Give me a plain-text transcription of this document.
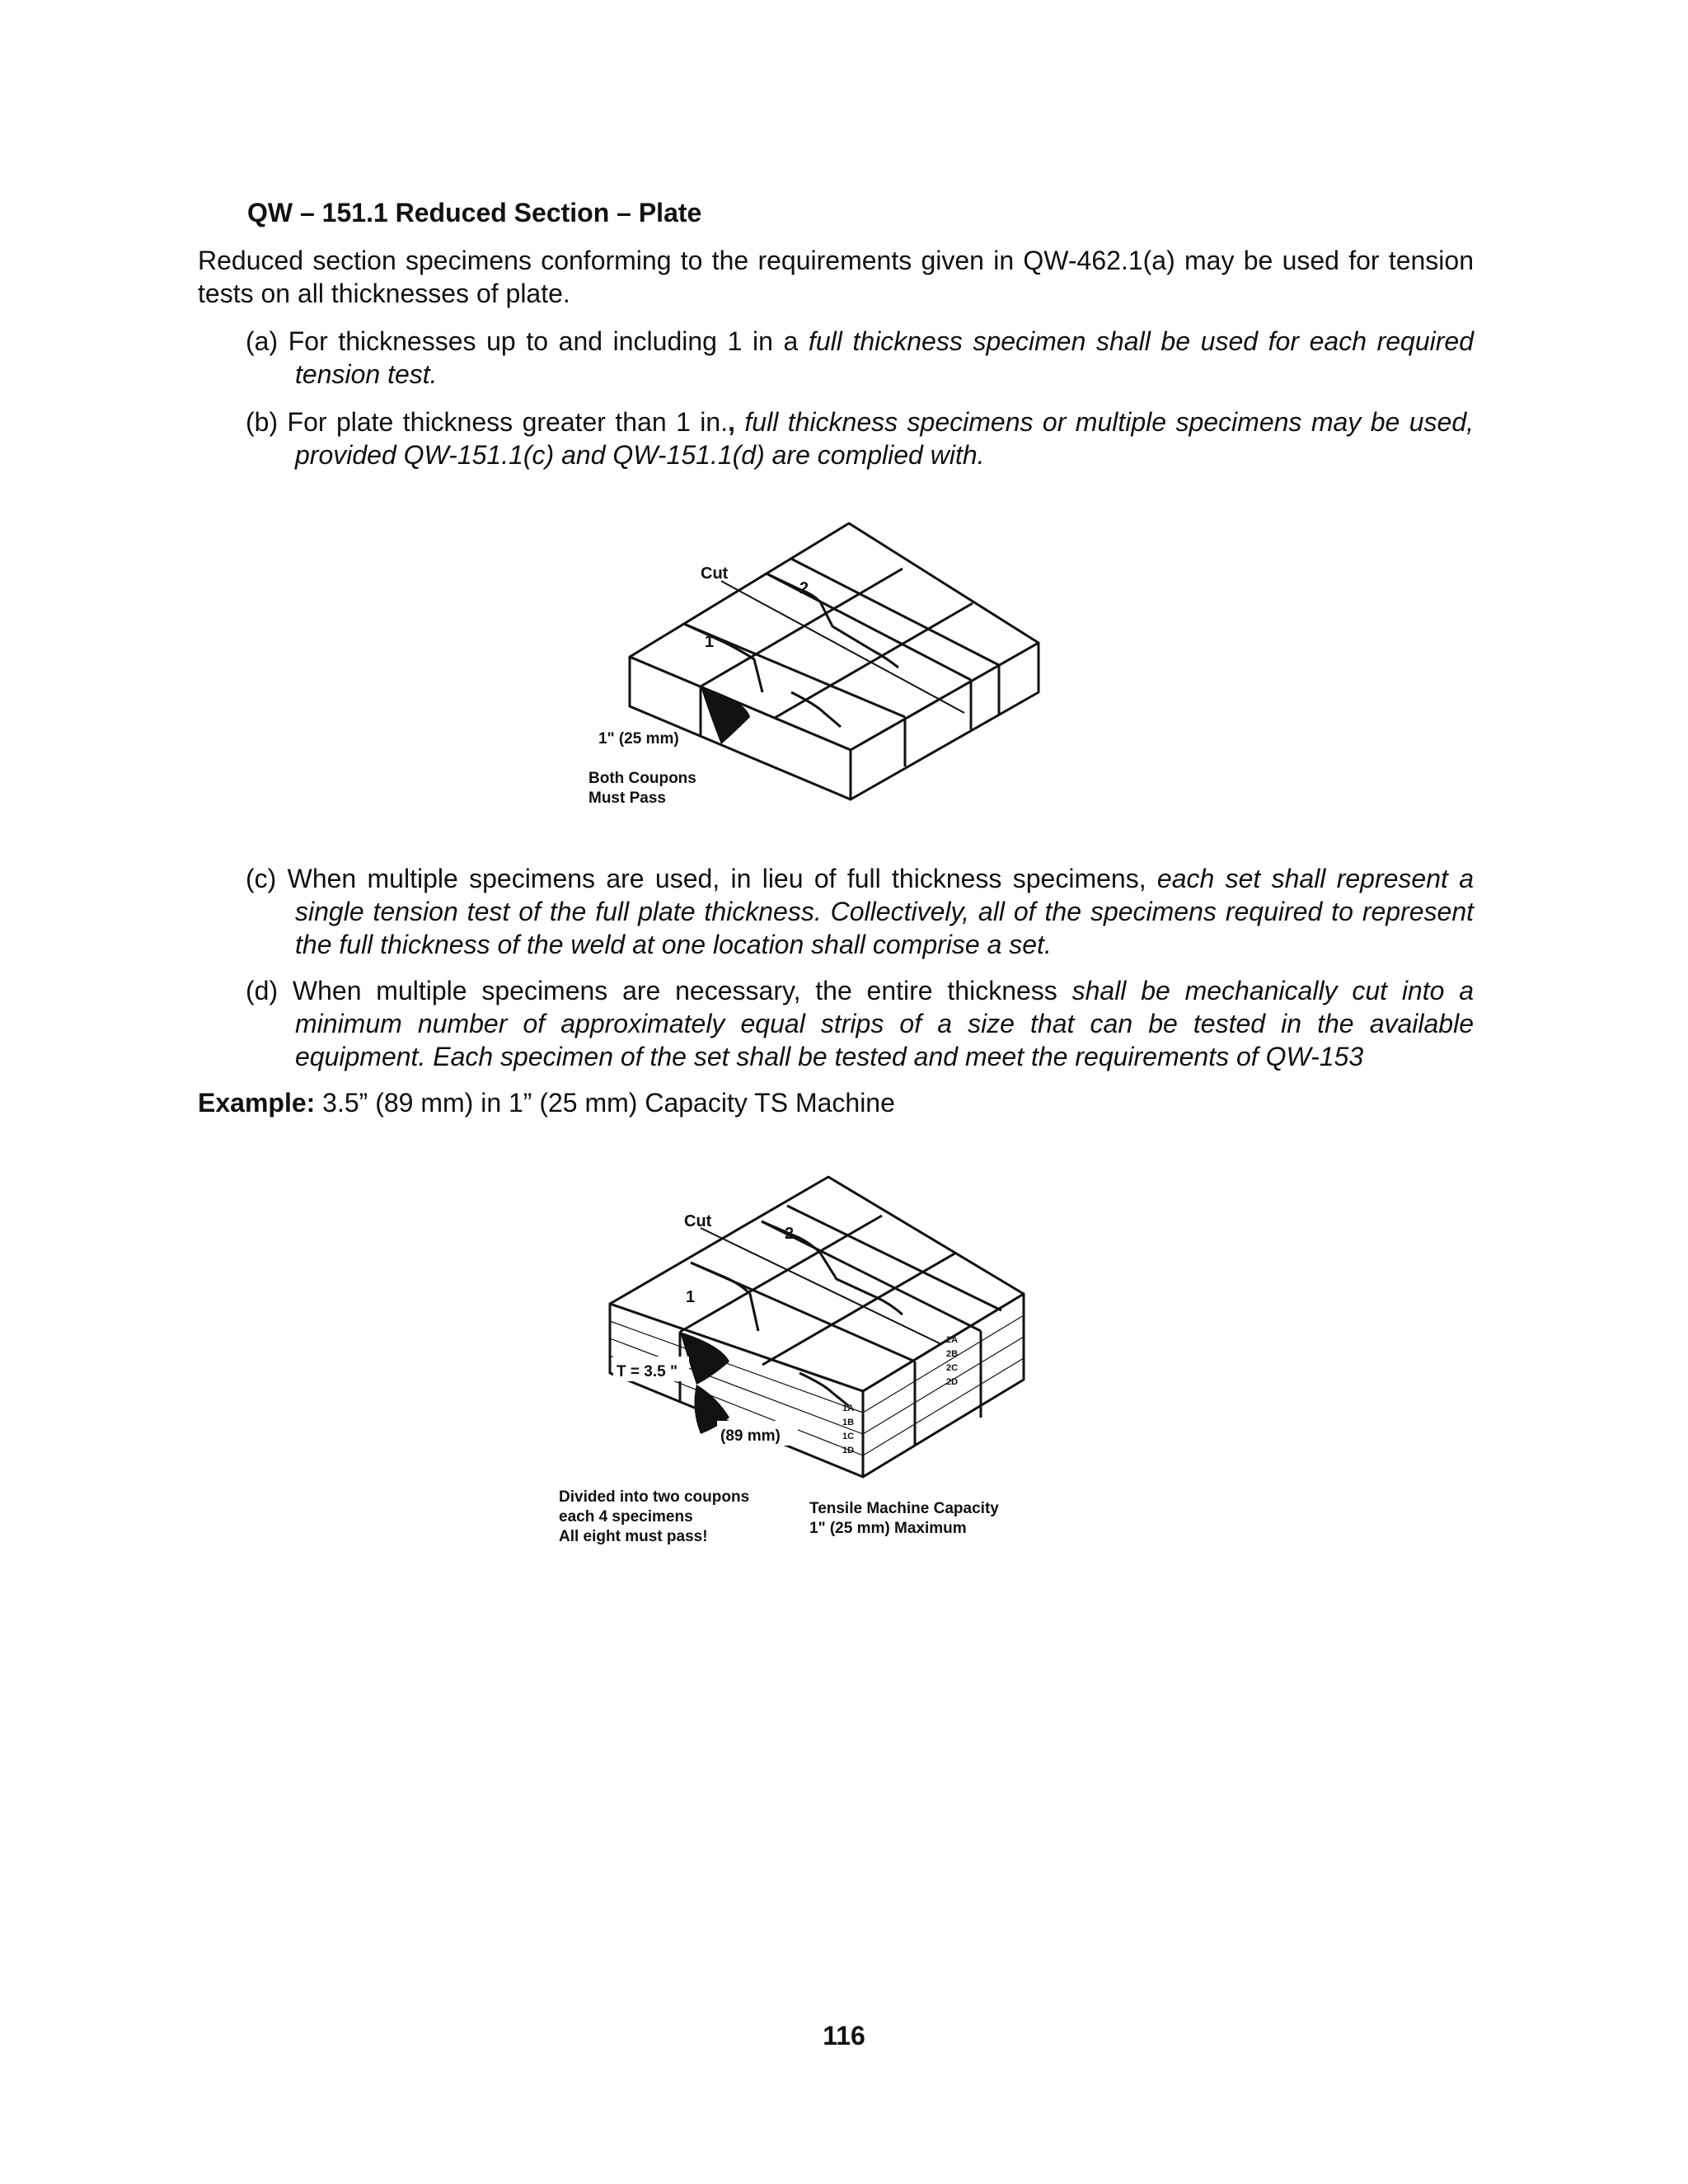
QW – 151.1 Reduced Section – Plate
Reduced section specimens conforming to the requirements given in QW-462.1(a) may be used for tension tests on all thicknesses of plate.
(a) For thicknesses up to and including 1 in a full thickness specimen shall be used for each required tension test.
(b) For plate thickness greater than 1 in., full thickness specimens or multiple specimens may be used, provided QW-151.1(c) and QW-151.1(d) are complied with.
Cut
2
1
1" (25 mm)
Both Coupons
Must Pass
(c) When multiple specimens are used, in lieu of full thickness specimens, each set shall represent a single tension test of the full plate thickness. Collectively, all of the specimens required to represent the full thickness of the weld at one location shall comprise a set.
(d) When multiple specimens are necessary, the entire thickness shall be mechanically cut into a minimum number of approximately equal strips of a size that can be tested in the available equipment. Each specimen of the set shall be tested and meet the requirements of QW-153
Example: 3.5” (89 mm) in 1” (25 mm) Capacity TS Machine
Cut
2
1
T = 3.5 "
(89 mm)
1A
1B
1C
1D
2A
2B
2C
2D
Divided into two coupons
each 4 specimens
All eight must pass!
Tensile Machine Capacity
1" (25 mm) Maximum
116
